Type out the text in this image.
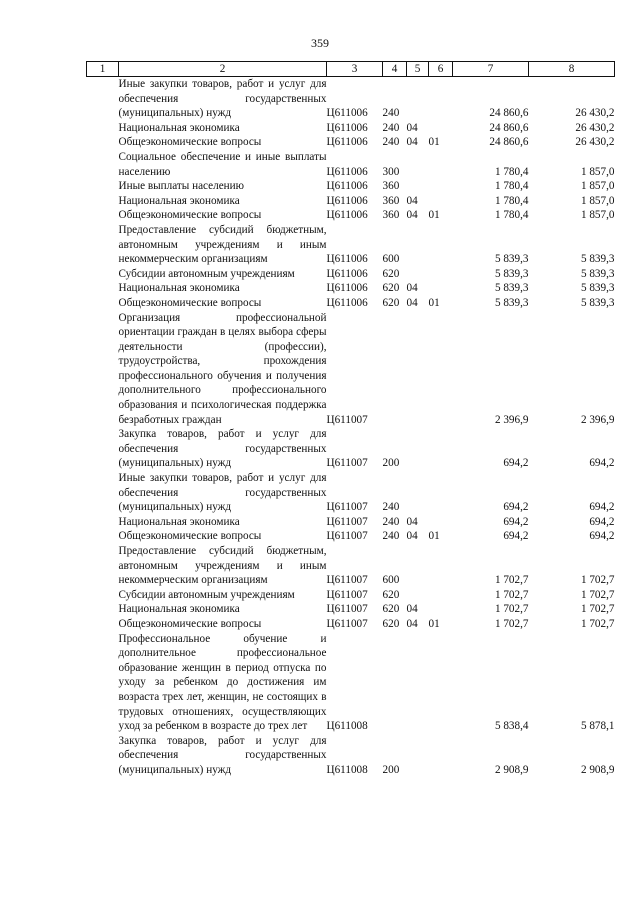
359
1	2	3	4	5	6	7	8
	Иные закупки товаров, работ и услуг для обеспечения государственных (муниципальных) нужд	Ц611006	240			24 860,6	26 430,2
	Национальная экономика	Ц611006	240	04		24 860,6	26 430,2
	Общеэкономические вопросы	Ц611006	240	04	01	24 860,6	26 430,2
	Социальное обеспечение и иные выплаты населению	Ц611006	300			1 780,4	1 857,0
	Иные выплаты населению	Ц611006	360			1 780,4	1 857,0
	Национальная экономика	Ц611006	360	04		1 780,4	1 857,0
	Общеэкономические вопросы	Ц611006	360	04	01	1 780,4	1 857,0
	Предоставление субсидий бюджетным, автономным учреждениям и иным некоммерческим организациям	Ц611006	600			5 839,3	5 839,3
	Субсидии автономным учреждениям	Ц611006	620			5 839,3	5 839,3
	Национальная экономика	Ц611006	620	04		5 839,3	5 839,3
	Общеэкономические вопросы	Ц611006	620	04	01	5 839,3	5 839,3
	Организация профессиональной ориентации граждан в целях выбора сферы деятельности (профессии), трудоустройства, прохождения профессионального обучения и получения дополнительного профессионального образования и психологическая поддержка безработных граждан	Ц611007				2 396,9	2 396,9
	Закупка товаров, работ и услуг для обеспечения государственных (муниципальных) нужд	Ц611007	200			694,2	694,2
	Иные закупки товаров, работ и услуг для обеспечения государственных (муниципальных) нужд	Ц611007	240			694,2	694,2
	Национальная экономика	Ц611007	240	04		694,2	694,2
	Общеэкономические вопросы	Ц611007	240	04	01	694,2	694,2
	Предоставление субсидий бюджетным, автономным учреждениям и иным некоммерческим организациям	Ц611007	600			1 702,7	1 702,7
	Субсидии автономным учреждениям	Ц611007	620			1 702,7	1 702,7
	Национальная экономика	Ц611007	620	04		1 702,7	1 702,7
	Общеэкономические вопросы	Ц611007	620	04	01	1 702,7	1 702,7
	Профессиональное обучение и дополнительное профессиональное образование женщин в период отпуска по уходу за ребенком до достижения им возраста трех лет, женщин, не состоящих в трудовых отношениях, осуществляющих уход за ребенком в возрасте до трех лет	Ц611008				5 838,4	5 878,1
	Закупка товаров, работ и услуг для обеспечения государственных (муниципальных) нужд	Ц611008	200			2 908,9	2 908,9
